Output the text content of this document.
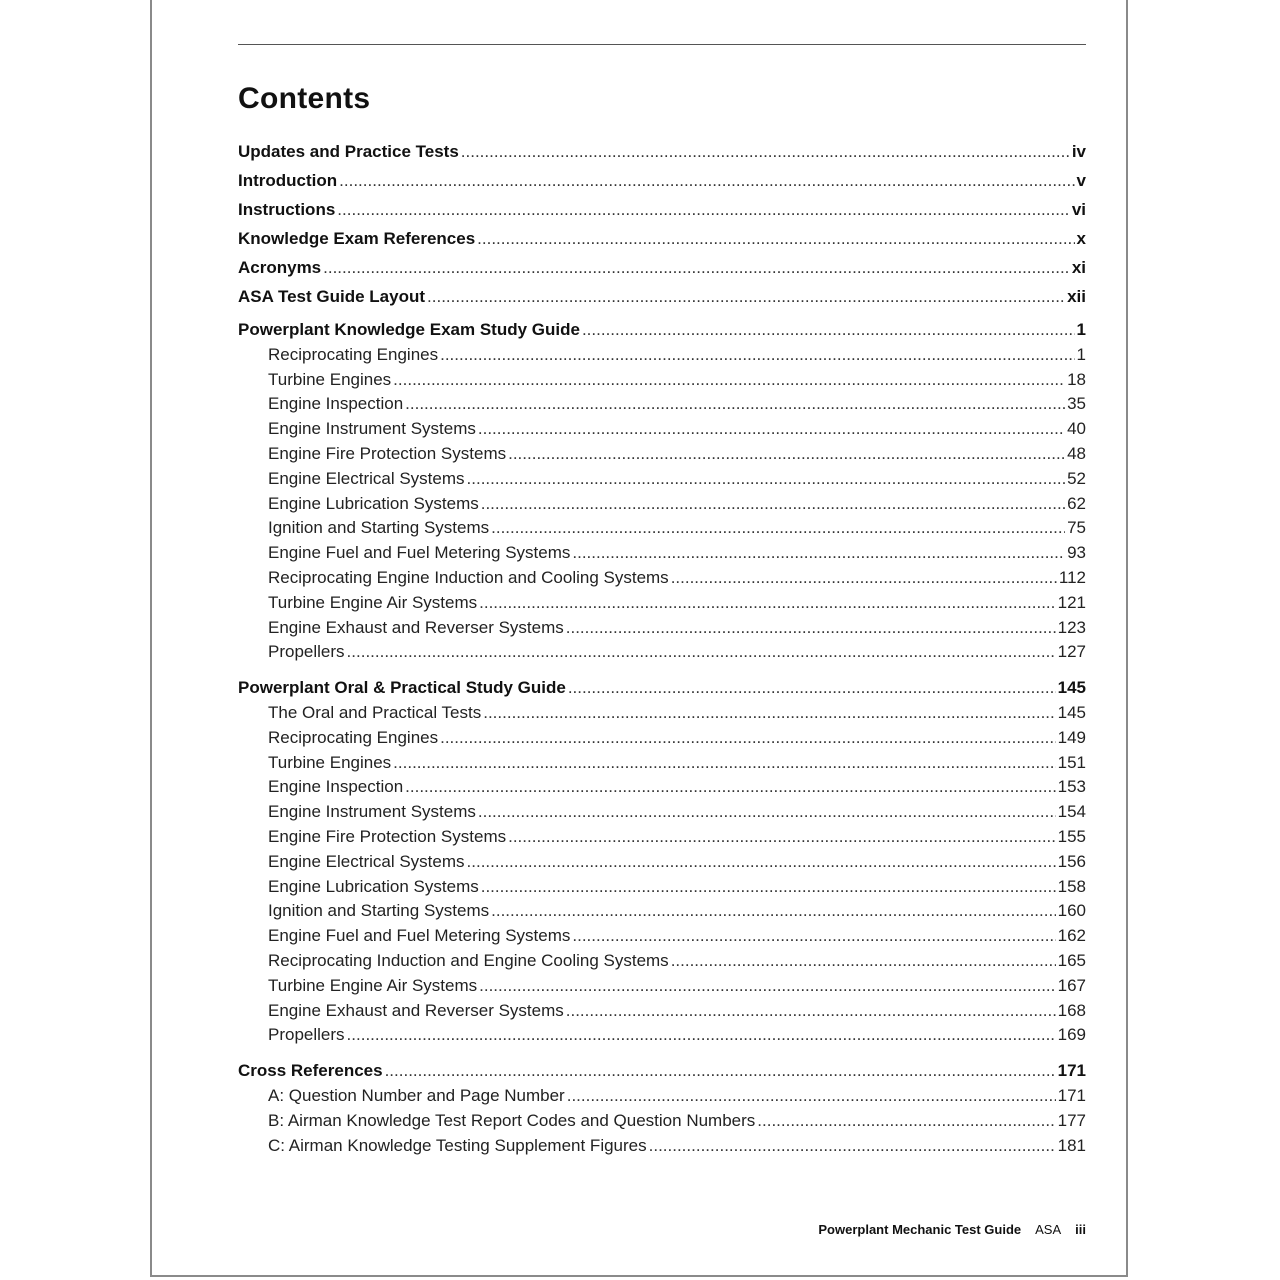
Contents
Updates and Practice Tests .....	iv
Introduction .....	v
Instructions .....	vi
Knowledge Exam References .....	x
Acronyms .....	xi
ASA Test Guide Layout .....	xii
Powerplant Knowledge Exam Study Guide .....	1
Reciprocating Engines .....	1
Turbine Engines .....	18
Engine Inspection .....	35
Engine Instrument Systems .....	40
Engine Fire Protection Systems .....	48
Engine Electrical Systems .....	52
Engine Lubrication Systems .....	62
Ignition and Starting Systems .....	75
Engine Fuel and Fuel Metering Systems .....	93
Reciprocating Engine Induction and Cooling Systems .....	112
Turbine Engine Air Systems .....	121
Engine Exhaust and Reverser Systems .....	123
Propellers .....	127
Powerplant Oral & Practical Study Guide .....	145
The Oral and Practical Tests .....	145
Reciprocating Engines .....	149
Turbine Engines .....	151
Engine Inspection .....	153
Engine Instrument Systems .....	154
Engine Fire Protection Systems .....	155
Engine Electrical Systems .....	156
Engine Lubrication Systems .....	158
Ignition and Starting Systems .....	160
Engine Fuel and Fuel Metering Systems .....	162
Reciprocating Induction and Engine Cooling Systems .....	165
Turbine Engine Air Systems .....	167
Engine Exhaust and Reverser Systems .....	168
Propellers .....	169
Cross References .....	171
A: Question Number and Page Number .....	171
B: Airman Knowledge Test Report Codes and Question Numbers .....	177
C: Airman Knowledge Testing Supplement Figures .....	181
Powerplant Mechanic Test Guide ASA iii
